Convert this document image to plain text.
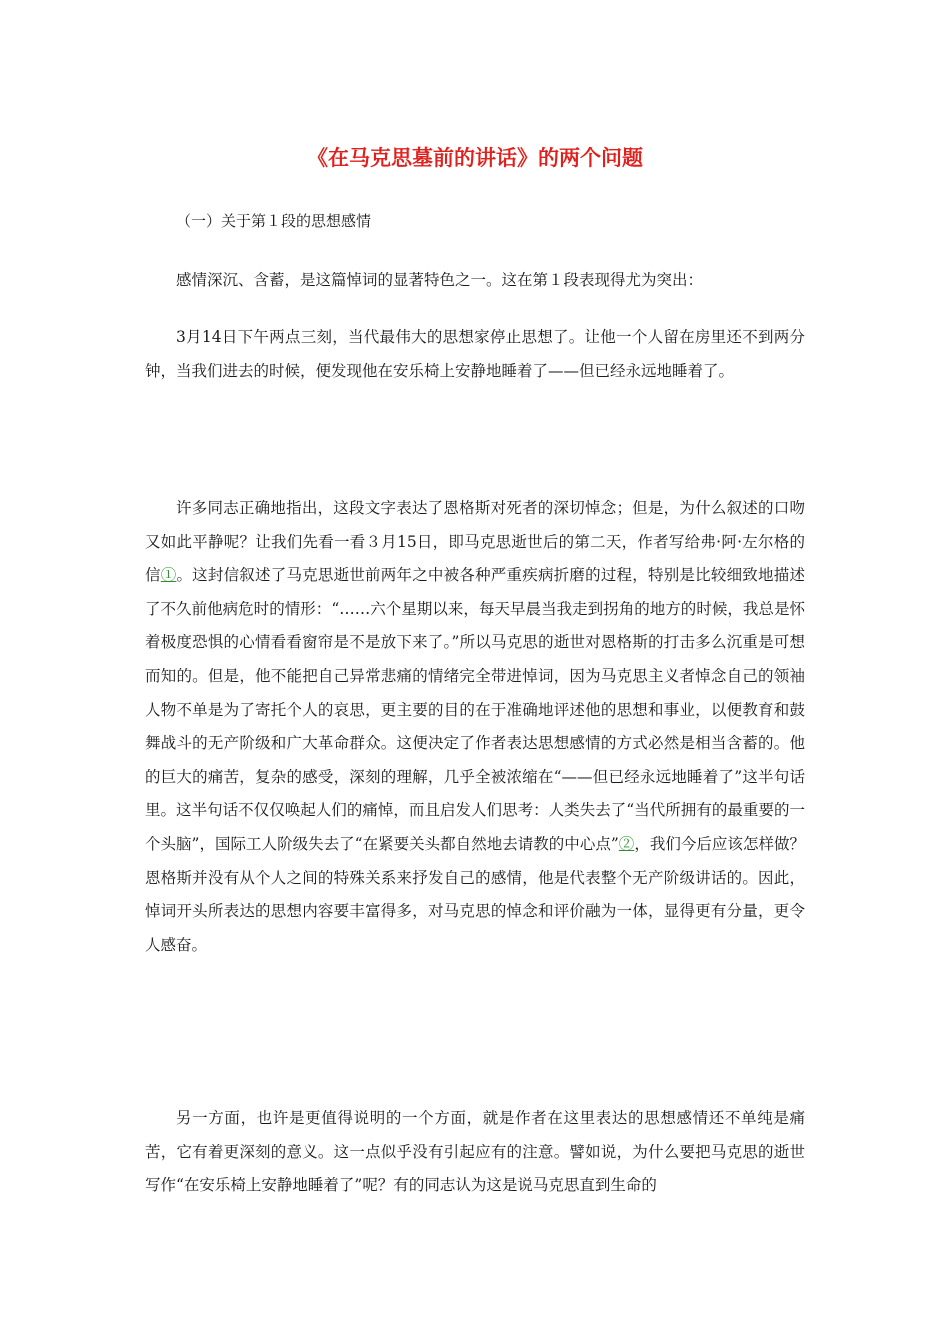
《在马克思墓前的讲话》的两个问题

（一）关于第１段的思想感情

感情深沉、含蓄，是这篇悼词的显著特色之一。这在第１段表现得尤为突出：

3月14日下午两点三刻，当代最伟大的思想家停止思想了。让他一个人留在房里还不到两分钟，当我们进去的时候，便发现他在安乐椅上安静地睡着了——但已经永远地睡着了。

许多同志正确地指出，这段文字表达了恩格斯对死者的深切悼念；但是，为什么叙述的口吻又如此平静呢？让我们先看一看３月15日，即马克思逝世后的第二天，作者写给弗·阿·左尔格的信①。这封信叙述了马克思逝世前两年之中被各种严重疾病折磨的过程，特别是比较细致地描述了不久前他病危时的情形：“……六个星期以来，每天早晨当我走到拐角的地方的时候，我总是怀着极度恐惧的心情看看窗帘是不是放下来了。”所以马克思的逝世对恩格斯的打击多么沉重是可想而知的。但是，他不能把自己异常悲痛的情绪完全带进悼词，因为马克思主义者悼念自己的领袖人物不单是为了寄托个人的哀思，更主要的目的在于准确地评述他的思想和事业，以便教育和鼓舞战斗的无产阶级和广大革命群众。这便决定了作者表达思想感情的方式必然是相当含蓄的。他的巨大的痛苦，复杂的感受，深刻的理解，几乎全被浓缩在“——但已经永远地睡着了”这半句话里。这半句话不仅仅唤起人们的痛悼，而且启发人们思考：人类失去了“当代所拥有的最重要的一个头脑”，国际工人阶级失去了“在紧要关头都自然地去请教的中心点”②，我们今后应该怎样做？恩格斯并没有从个人之间的特殊关系来抒发自己的感情，他是代表整个无产阶级讲话的。因此，悼词开头所表达的思想内容要丰富得多，对马克思的悼念和评价融为一体，显得更有分量，更令人感奋。

另一方面，也许是更值得说明的一个方面，就是作者在这里表达的思想感情还不单纯是痛苦，它有着更深刻的意义。这一点似乎没有引起应有的注意。譬如说，为什么要把马克思的逝世写作“在安乐椅上安静地睡着了”呢？有的同志认为这是说马克思直到生命的
